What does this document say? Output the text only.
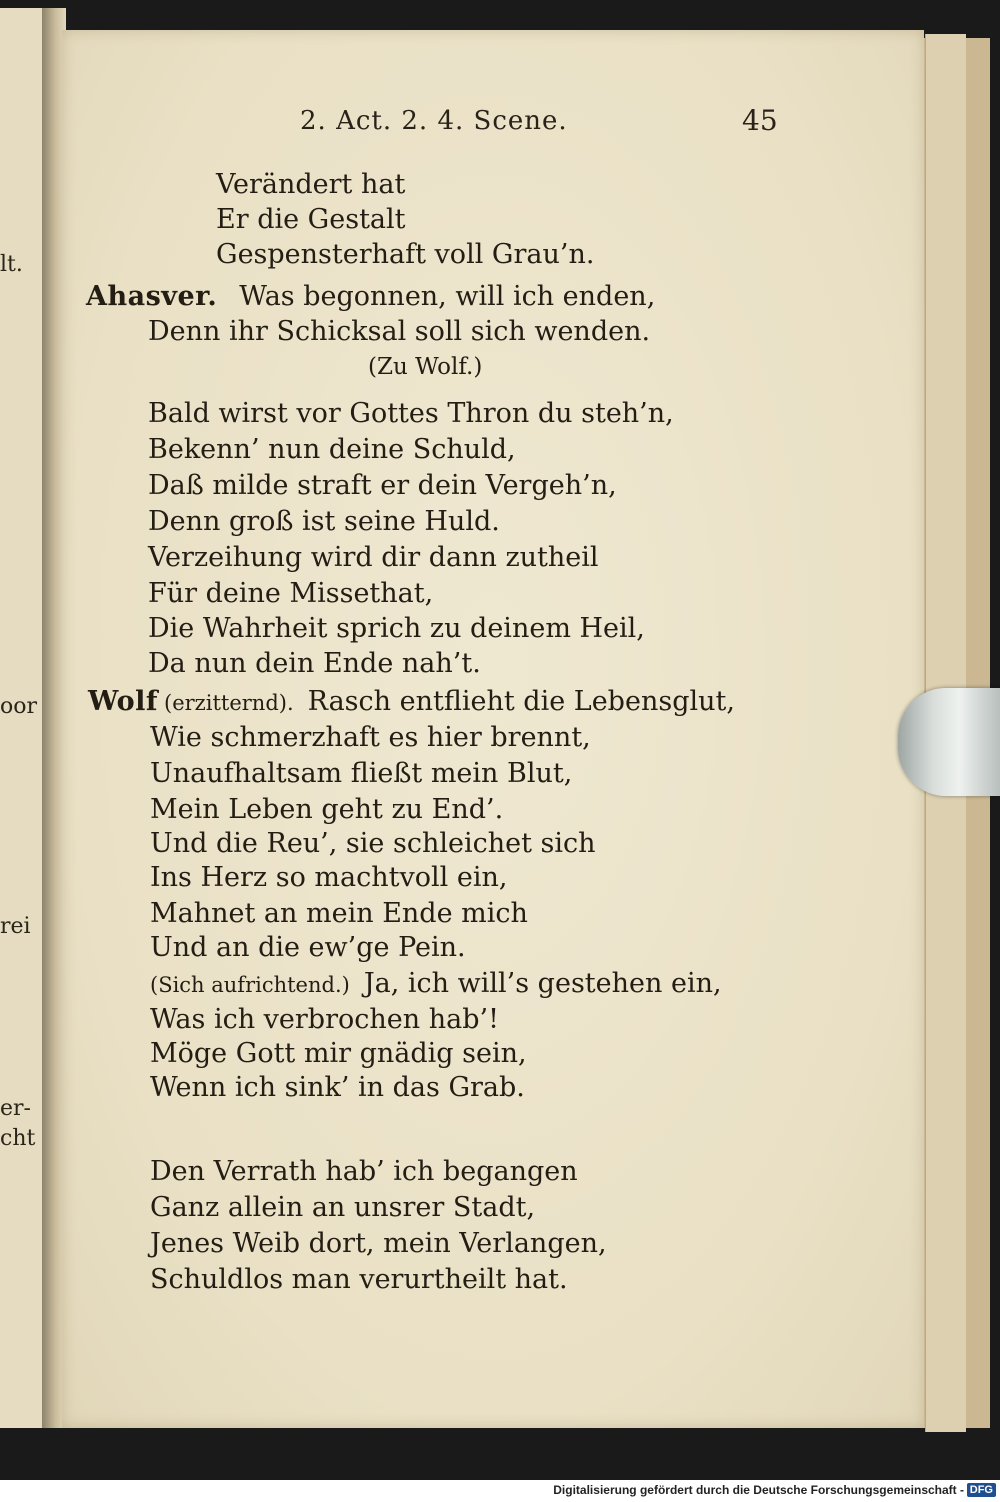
lt.
oor
rei
er-
cht
2. Act. 2. 4. Scene.	45
Verändert hat
Er die Gestalt
Gespensterhaft voll Grau’n.
Ahasver. Was begonnen, will ich enden,
Denn ihr Schicksal soll sich wenden.
(Zu Wolf.)
Bald wirst vor Gottes Thron du steh’n,
Bekenn’ nun deine Schuld,
Daß milde straft er dein Vergeh’n,
Denn groß ist seine Huld.
Verzeihung wird dir dann zutheil
Für deine Missethat,
Die Wahrheit sprich zu deinem Heil,
Da nun dein Ende nah’t.
Wolf (erzitternd). Rasch entflieht die Lebensglut,
Wie schmerzhaft es hier brennt,
Unaufhaltsam fließt mein Blut,
Mein Leben geht zu End’.
Und die Reu’, sie schleichet sich
Ins Herz so machtvoll ein,
Mahnet an mein Ende mich
Und an die ew’ge Pein.
(Sich aufrichtend.) Ja, ich will’s gestehen ein,
Was ich verbrochen hab’!
Möge Gott mir gnädig sein,
Wenn ich sink’ in das Grab.
Den Verrath hab’ ich begangen
Ganz allein an unsrer Stadt,
Jenes Weib dort, mein Verlangen,
Schuldlos man verurtheilt hat.
Digitalisierung gefördert durch die Deutsche Forschungsgemeinschaft - DFG
